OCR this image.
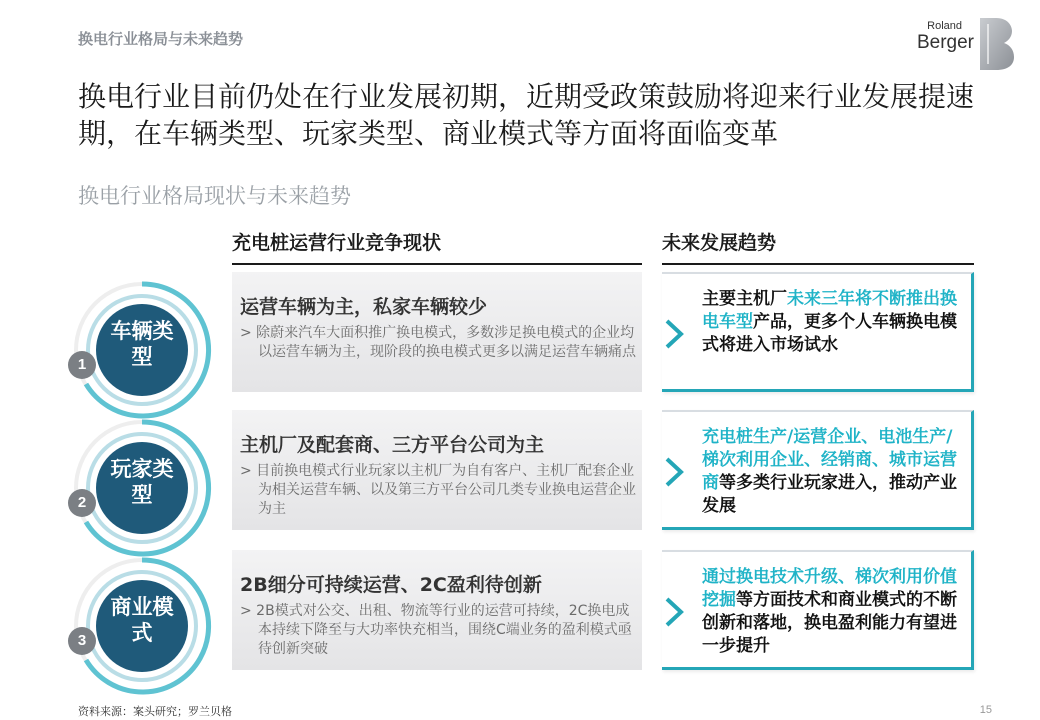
换电行业格局与未来趋势
Roland
Berger
换电行业目前仍处在行业发展初期，近期受政策鼓励将迎来行业发展提速期，在车辆类型、玩家类型、商业模式等方面将面临变革
换电行业格局现状与未来趋势
充电桩运营行业竞争现状	未来发展趋势
车辆类型
1
运营车辆为主，私家车辆较少
> 除蔚来汽车大面积推广换电模式，多数涉足换电模式的企业均以运营车辆为主，现阶段的换电模式更多以满足运营车辆痛点
主要主机厂未来三年将不断推出换电车型产品，更多个人车辆换电模式将进入市场试水
玩家类型
2
主机厂及配套商、三方平台公司为主
> 目前换电模式行业玩家以主机厂为自有客户、主机厂配套企业为相关运营车辆、以及第三方平台公司几类专业换电运营企业为主
充电桩生产/运营企业、电池生产/梯次利用企业、经销商、城市运营商等多类行业玩家进入，推动产业发展
商业模式
3
2B细分可持续运营、2C盈利待创新
> 2B模式对公交、出租、物流等行业的运营可持续，2C换电成本持续下降至与大功率快充相当，围绕C端业务的盈利模式亟待创新突破
通过换电技术升级、梯次利用价值挖掘等方面技术和商业模式的不断创新和落地，换电盈利能力有望进一步提升
资料来源：案头研究；罗兰贝格	15
